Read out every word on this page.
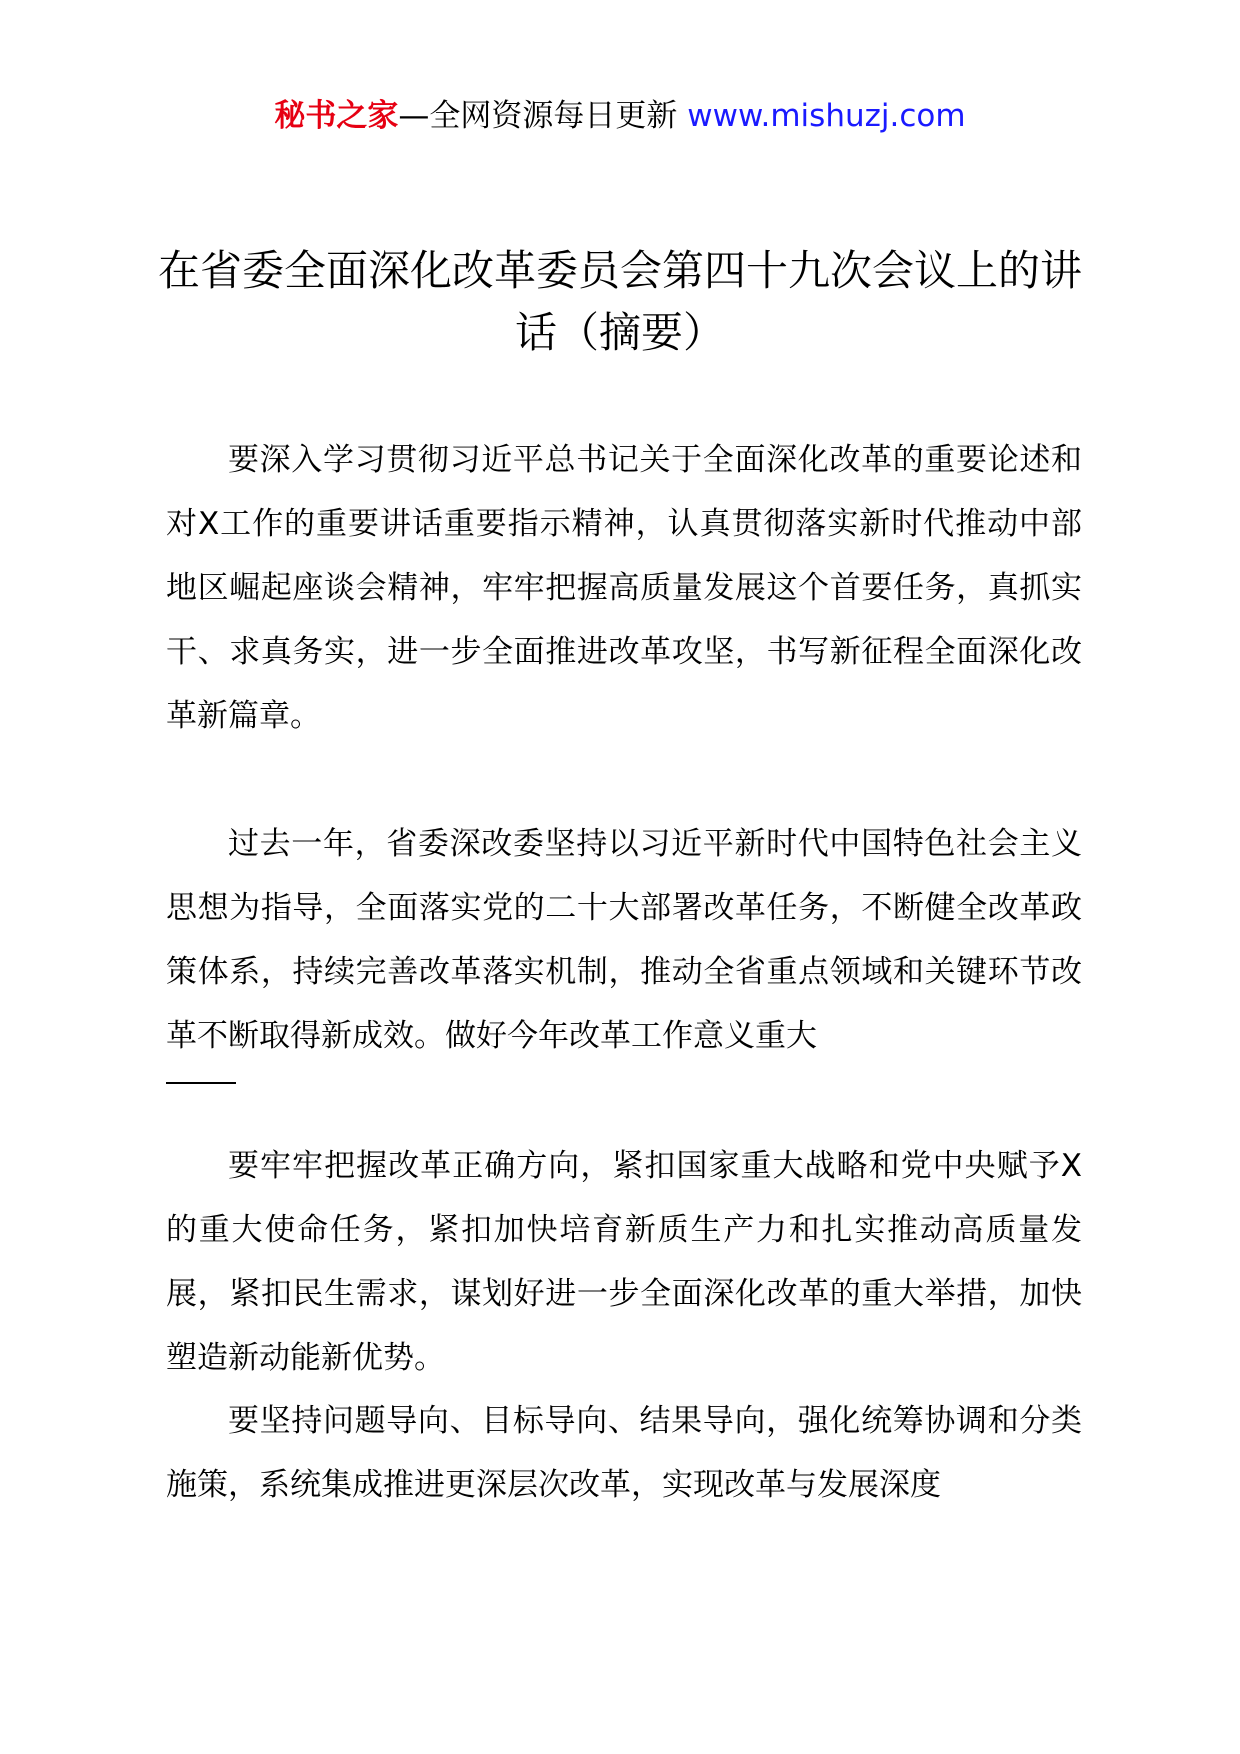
秘书之家—全网资源每日更新 www.mishuzj.com
在省委全面深化改革委员会第四十九次会议上的讲话（摘要）

要深入学习贯彻习近平总书记关于全面深化改革的重要论述和对X工作的重要讲话重要指示精神，认真贯彻落实新时代推动中部地区崛起座谈会精神，牢牢把握高质量发展这个首要任务，真抓实干、求真务实，进一步全面推进改革攻坚，书写新征程全面深化改革新篇章。

过去一年，省委深改委坚持以习近平新时代中国特色社会主义思想为指导，全面落实党的二十大部署改革任务，不断健全改革政策体系，持续完善改革落实机制，推动全省重点领域和关键环节改革不断取得新成效。做好今年改革工作意义重大

要牢牢把握改革正确方向，紧扣国家重大战略和党中央赋予X的重大使命任务，紧扣加快培育新质生产力和扎实推动高质量发展，紧扣民生需求，谋划好进一步全面深化改革的重大举措，加快塑造新动能新优势。

要坚持问题导向、目标导向、结果导向，强化统筹协调和分类施策，系统集成推进更深层次改革，实现改革与发展深度
